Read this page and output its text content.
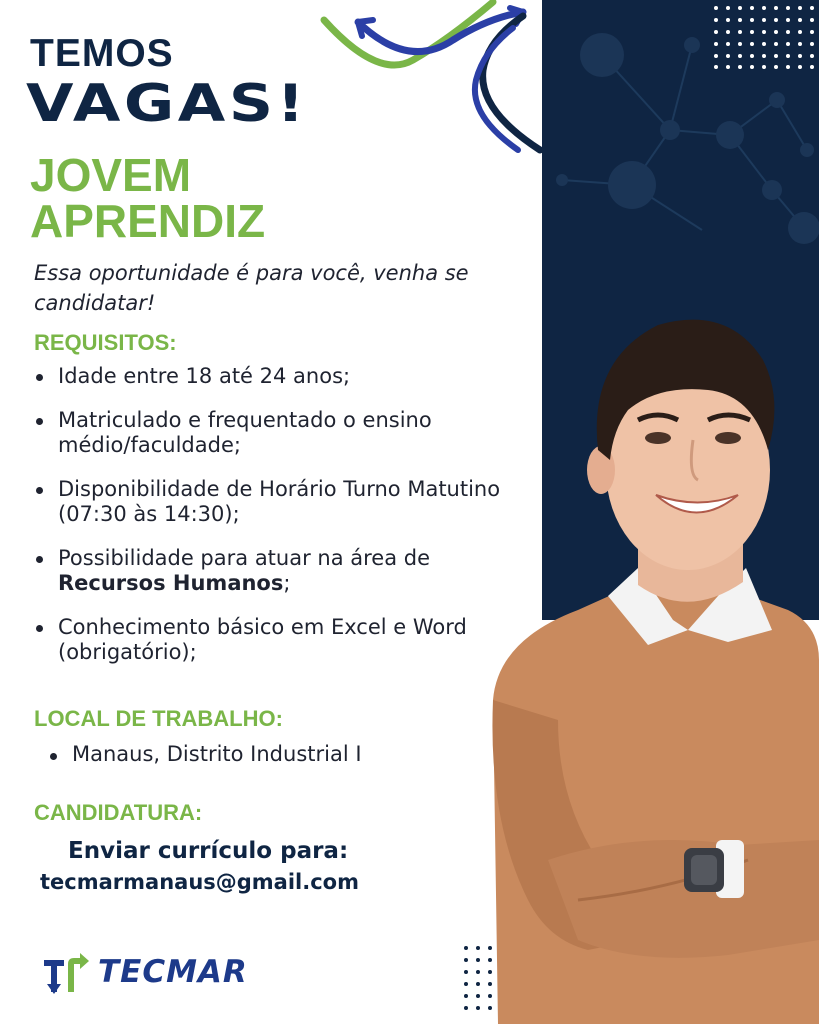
TEMOS
VAGAS!
JOVEM
APRENDIZ
Essa oportunidade é para você, venha se candidatar!
REQUISITOS:
Idade entre 18 até 24 anos;
Matriculado e frequentado o ensino médio/faculdade;
Disponibilidade de Horário Turno Matutino (07:30 às 14:30);
Possibilidade para atuar na área de Recursos Humanos;
Conhecimento básico em Excel e Word (obrigatório);
LOCAL DE TRABALHO:
Manaus, Distrito Industrial I
CANDIDATURA:
Enviar currículo para:
tecmarmanaus@gmail.com
TECMAR
